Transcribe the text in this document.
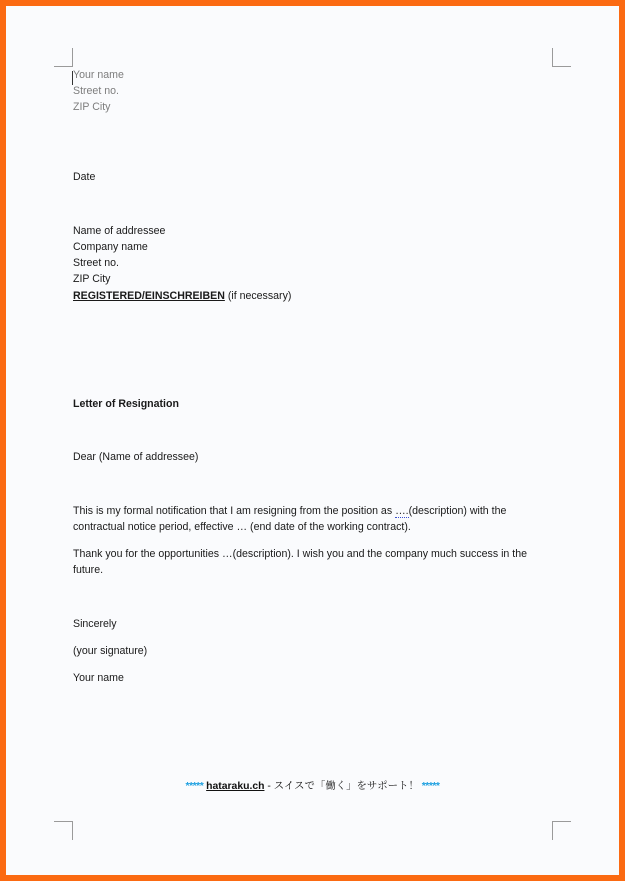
Your name
Street no.
ZIP City
Date
Name of addressee
Company name
Street no.
ZIP City
REGISTERED/EINSCHREIBEN (if necessary)
Letter of Resignation
Dear (Name of addressee)
This is my formal notification that I am resigning from the position as ….(description) with the
contractual notice period, effective … (end date of the working contract).
Thank you for the opportunities …(description). I wish you and the company much success in the
future.
Sincerely
(your signature)
Your name
***** hataraku.ch - スイスで「働く」をサポート！ *****
